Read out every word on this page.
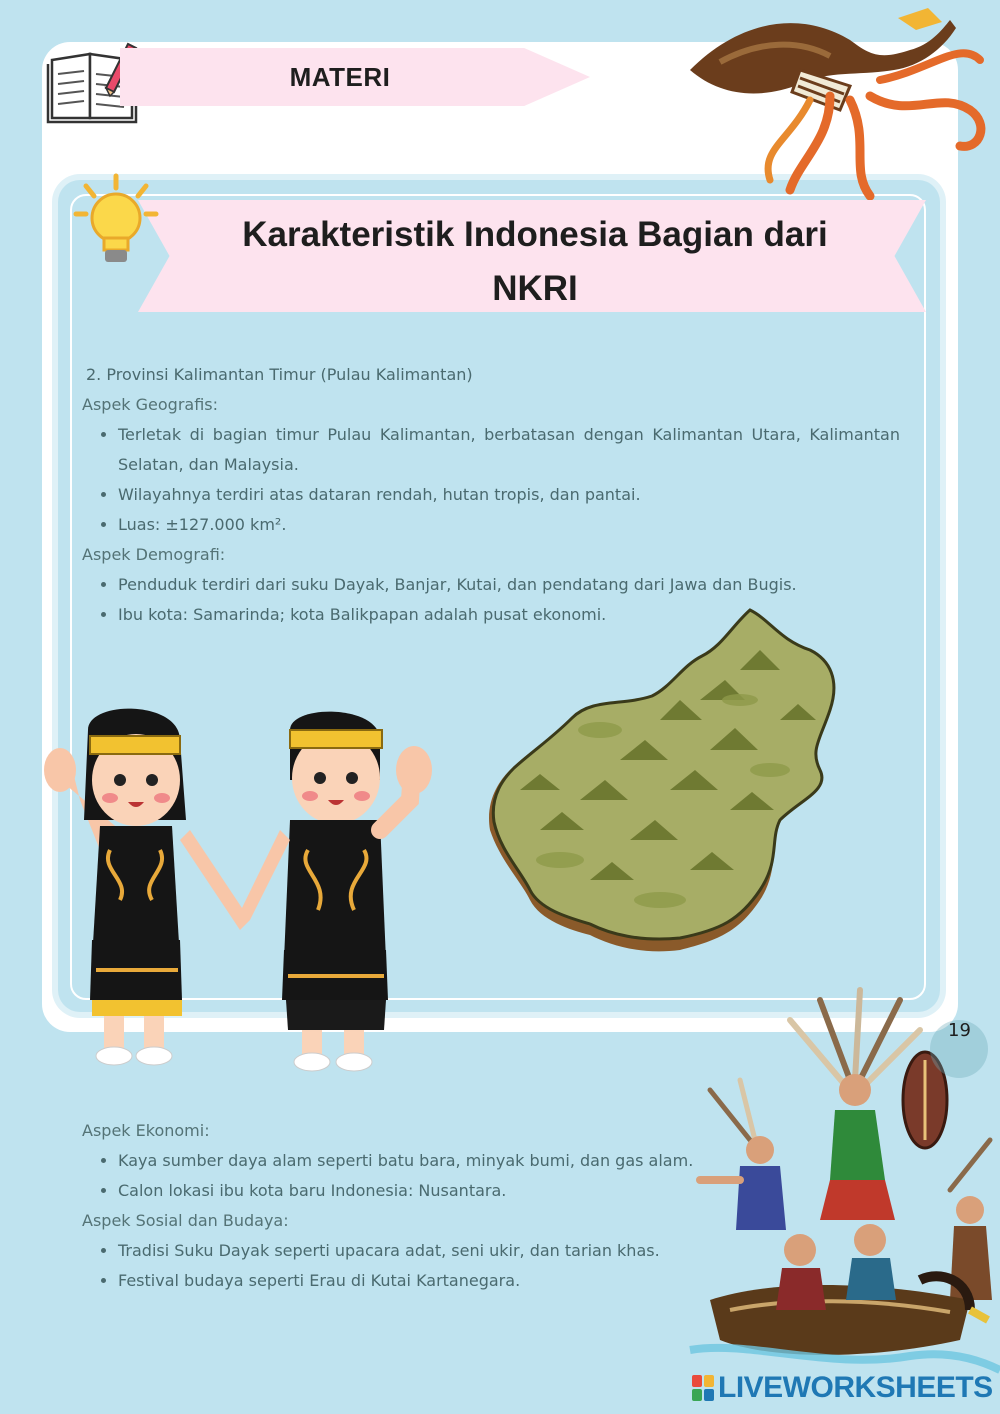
MATERI
Karakteristik Indonesia Bagian dari
NKRI

2. Provinsi Kalimantan Timur (Pulau Kalimantan)

Aspek Geografis:

• Terletak di bagian timur Pulau Kalimantan, berbatasan dengan Kalimantan Utara, Kalimantan Selatan, dan Malaysia.
• Wilayahnya terdiri atas dataran rendah, hutan tropis, dan pantai.
• Luas: ±127.000 km².

Aspek Demografi:

• Penduduk terdiri dari suku Dayak, Banjar, Kutai, dan pendatang dari Jawa dan Bugis.
• Ibu kota: Samarinda; kota Balikpapan adalah pusat ekonomi.

Aspek Ekonomi:

• Kaya sumber daya alam seperti batu bara, minyak bumi, dan gas alam.
• Calon lokasi ibu kota baru Indonesia: Nusantara.

Aspek Sosial dan Budaya:

• Tradisi Suku Dayak seperti upacara adat, seni ukir, dan tarian khas.
• Festival budaya seperti Erau di Kutai Kartanegara.
19
LIVEWORKSHEETS
